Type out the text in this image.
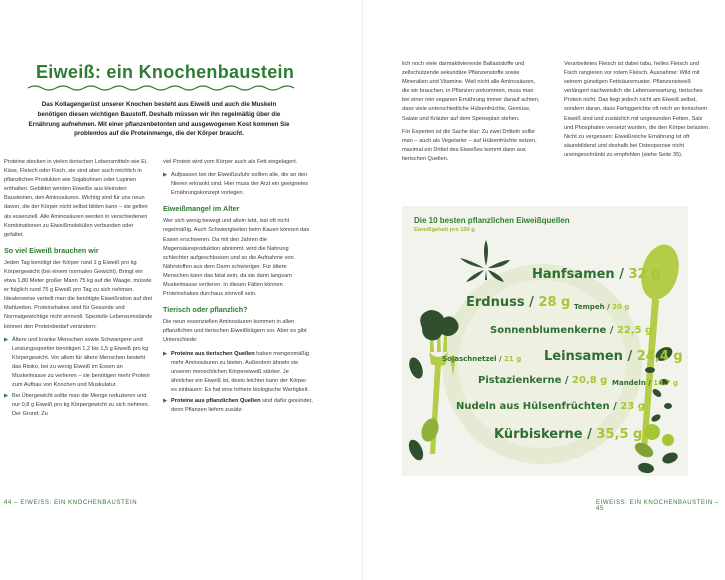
Eiweiß: ein Knochenbaustein
Das Kollagengerüst unserer Knochen besteht aus Eiweiß und auch die Muskeln benötigen diesen wichtigen Baustoff. Deshalb müssen wir ihn regelmäßig über die Ernährung aufnehmen. Mit einer pflanzenbetonten und ausgewogenen Kost kommen Sie problemlos auf die Proteinmenge, die der Körper braucht.

Proteine stecken in vielen tierischen Lebensmitteln wie Ei, Käse, Fleisch oder Fisch, sie sind aber auch reichlich in pflanzlichen Produkten wie Sojabohnen oder Lupinen enthalten. Gebildet werden Eiweiße aus kleinsten Bausteinen, den Aminosäuren. Wichtig sind für uns neun davon, die der Körper nicht selbst bilden kann – sie gelten als essenziell. Alle Aminosäuren werden in verschiedenen Kombinationen zu Eiweißmolekülen verbunden oder gefaltet.

So viel Eiweiß brauchen wir

Jeden Tag benötigt der Körper rund 1 g Eiweiß pro kg Körpergewicht (bei einem normalen Gewicht). Bringt ein etwa 1,80 Meter großer Mann 75 kg auf die Waage, müsste er folglich rund 75 g Eiweiß pro Tag zu sich nehmen. Idealerweise verteilt man die benötigte Eiweißration auf drei Mahlzeiten. Proteinshakes sind für Gesunde und Normalgewichtige nicht sinnvoll. Spezielle Lebensumstände können den Proteinbedarf verändern:

▶ Ältere und kranke Menschen sowie Schwangere und Leistungssportler benötigen 1,2 bis 1,5 g Eiweiß pro kg Körpergewicht. Vor allem für ältere Menschen besteht das Risiko, bei zu wenig Eiweiß im Essen an Muskelmasse zu verlieren – sie benötigen mehr Protein zum Aufbau von Knochen und Muskulatur.
▶ Bei Übergewicht sollte man die Menge reduzieren und nur 0,8 g Eiweiß pro kg Körpergewicht zu sich nehmen. Der Grund: Zu

viel Protein wird vom Körper auch als Fett eingelagert.

▶ Aufpassen bei der Eiweißzufuhr sollten alle, die an den Nieren erkrankt sind. Hier muss der Arzt ein geeignetes Ernährungskonzept vorlegen.
Eiweißmangel im Alter

Wer sich wenig bewegt und allein lebt, isst oft nicht regelmäßig. Auch Schwierigkeiten beim Kauen können das Essen erschweren. Da mit den Jahren die Magensäureproduktion abnimmt, wird die Nahrung schlechter aufgeschlossen und so die Aufnahme von Nährstoffen aus dem Darm schwieriger. Für ältere Menschen kann das fatal sein, da sie dann langsam Muskelmasse verlieren. In diesen Fällen können Proteinshakes durchaus sinnvoll sein.

Tierisch oder pflanzlich?

Die neun essenziellen Aminosäuren kommen in allen pflanzlichen und tierischen Eiweißträgern vor. Aber es gibt Unterschiede:

▶ Proteine aus tierischen Quellen haben mengenmäßig mehr Aminosäuren zu bieten. Außerdem ähneln sie unseren menschlichen Körpereiweiß stärker. Je ähnlicher ein Eiweiß ist, desto leichter kann der Körper es einbauen: Es hat eine höhere biologische Wertigkeit.
▶ Proteine aus pflanzlichen Quellen sind dafür gesünder, denn Pflanzen liefern zusätz-
44 – EIWEISS: EIN KNOCHENBAUSTEIN

lich noch viele darmaktivierende Ballaststoffe und zellschützende sekundäre Pflanzenstoffe sowie Mineralien und Vitamine. Weil nicht alle Aminosäuren, die wir brauchen, in Pflanzen vorkommen, muss man bei einer rein veganen Ernährung immer darauf achten, dass viele unterschiedliche Hülsenfrüchte, Gemüse, Salate und Kräuter auf dem Speiseplan stehen.

Für Experten ist die Sache klar: Zu zwei Dritteln sollte man – auch als Vegetarier – auf Hülsenfrüchte setzen, maximal ein Drittel des Eiweißes kommt dann aus tierischen Quellen.

Verarbeitetes Fleisch ist dabei tabu, helles Fleisch und Fisch rangieren vor rotem Fleisch. Ausnahme: Wild mit seinem günstigen Fettsäuremuster. Pflanzeneiweiß verlängert nachweislich die Lebenserwartung, tierisches Protein nicht. Das liegt jedoch nicht am Eiweiß selbst, sondern daran, dass Fertiggerichte oft reich an tierischem Eiweiß sind und zusätzlich mit ungesunden Fetten, Salz und Phosphaten versetzt wurden, die den Körper belasten. Nicht zu vergessen: Eiweißreiche Ernährung ist oft säurebildend und deshalb bei Osteoporose nicht uneingeschränkt zu empfehlen (siehe Seite 35).

Die 10 besten pflanzlichen Eiweißquellen
Eiweißgehalt pro 100 g
Hanfsamen / 32 g
Erdnuss / 28 g Tempeh / 20 g
Sonnenblumenkerne / 22,5 g
Sojaschnetzel / 21 g Leinsamen / 24,4 g
Pistazienkerne / 20,8 g Mandeln / 18,7 g
Nudeln aus Hülsenfrüchten / 23 g
Kürbiskerne / 35,5 g
EIWEISS: EIN KNOCHENBAUSTEIN – 45
